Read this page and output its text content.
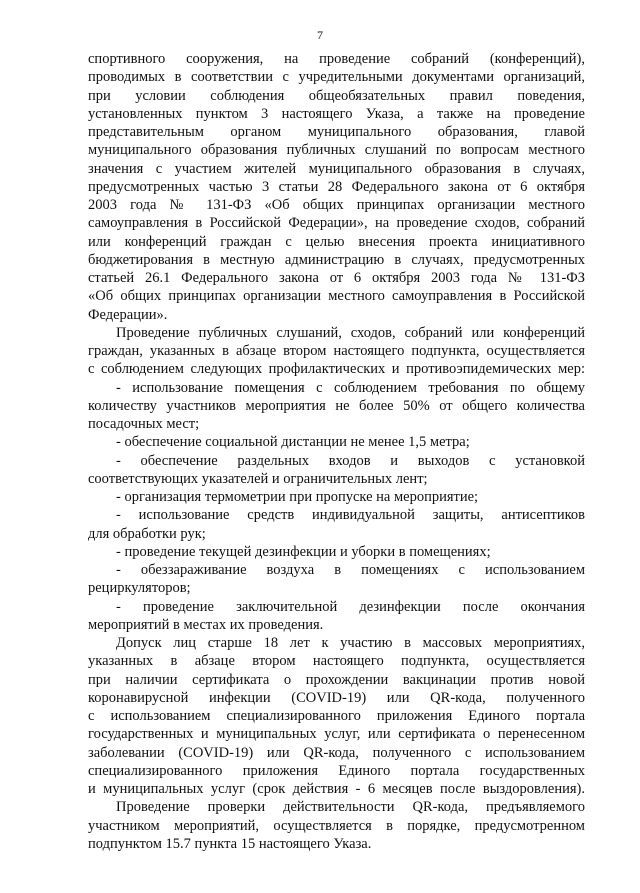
7
спортивного сооружения, на проведение собраний (конференций),
проводимых в соответствии с учредительными документами организаций,
при условии соблюдения общеобязательных правил поведения,
установленных пунктом 3 настоящего Указа, а также на проведение
представительным органом муниципального образования, главой
муниципального образования публичных слушаний по вопросам местного
значения с участием жителей муниципального образования в случаях,
предусмотренных частью 3 статьи 28 Федерального закона от 6 октября
2003 года № 131-ФЗ «Об общих принципах организации местного
самоуправления в Российской Федерации», на проведение сходов, собраний
или конференций граждан с целью внесения проекта инициативного
бюджетирования в местную администрацию в случаях, предусмотренных
статьей 26.1 Федерального закона от 6 октября 2003 года № 131-ФЗ
«Об общих принципах организации местного самоуправления в Российской
Федерации».
Проведение публичных слушаний, сходов, собраний или конференций
граждан, указанных в абзаце втором настоящего подпункта, осуществляется
с соблюдением следующих профилактических и противоэпидемических мер:
- использование помещения с соблюдением требования по общему
количеству участников мероприятия не более 50% от общего количества
посадочных мест;
- обеспечение социальной дистанции не менее 1,5 метра;
- обеспечение раздельных входов и выходов с установкой
соответствующих указателей и ограничительных лент;
- организация термометрии при пропуске на мероприятие;
- использование средств индивидуальной защиты, антисептиков
для обработки рук;
- проведение текущей дезинфекции и уборки в помещениях;
- обеззараживание воздуха в помещениях с использованием
рециркуляторов;
- проведение заключительной дезинфекции после окончания
мероприятий в местах их проведения.
Допуск лиц старше 18 лет к участию в массовых мероприятиях,
указанных в абзаце втором настоящего подпункта, осуществляется
при наличии сертификата о прохождении вакцинации против новой
коронавирусной инфекции (COVID-19) или QR-кода, полученного
с использованием специализированного приложения Единого портала
государственных и муниципальных услуг, или сертификата о перенесенном
заболевании (COVID-19) или QR-кода, полученного с использованием
специализированного приложения Единого портала государственных
и муниципальных услуг (срок действия - 6 месяцев после выздоровления).
Проведение проверки действительности QR-кода, предъявляемого
участником мероприятий, осуществляется в порядке, предусмотренном
подпунктом 15.7 пункта 15 настоящего Указа.
